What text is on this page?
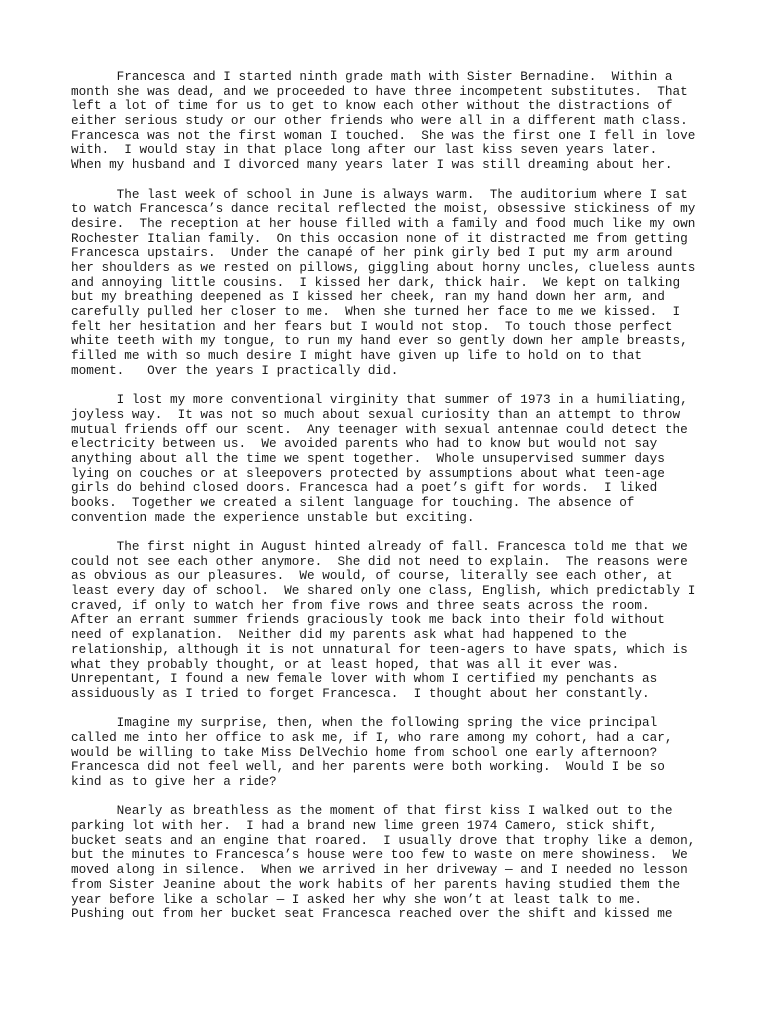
Francesca and I started ninth grade math with Sister Bernadine.  Within a
month she was dead, and we proceeded to have three incompetent substitutes.  That
left a lot of time for us to get to know each other without the distractions of
either serious study or our other friends who were all in a different math class.
Francesca was not the first woman I touched.  She was the first one I fell in love
with.  I would stay in that place long after our last kiss seven years later.
When my husband and I divorced many years later I was still dreaming about her.
The last week of school in June is always warm.  The auditorium where I sat
to watch Francesca’s dance recital reflected the moist, obsessive stickiness of my
desire.  The reception at her house filled with a family and food much like my own
Rochester Italian family.  On this occasion none of it distracted me from getting
Francesca upstairs.  Under the canapé of her pink girly bed I put my arm around
her shoulders as we rested on pillows, giggling about horny uncles, clueless aunts
and annoying little cousins.  I kissed her dark, thick hair.  We kept on talking
but my breathing deepened as I kissed her cheek, ran my hand down her arm, and
carefully pulled her closer to me.  When she turned her face to me we kissed.  I
felt her hesitation and her fears but I would not stop.  To touch those perfect
white teeth with my tongue, to run my hand ever so gently down her ample breasts,
filled me with so much desire I might have given up life to hold on to that
moment.   Over the years I practically did.
I lost my more conventional virginity that summer of 1973 in a humiliating,
joyless way.  It was not so much about sexual curiosity than an attempt to throw
mutual friends off our scent.  Any teenager with sexual antennae could detect the
electricity between us.  We avoided parents who had to know but would not say
anything about all the time we spent together.  Whole unsupervised summer days
lying on couches or at sleepovers protected by assumptions about what teen-age
girls do behind closed doors. Francesca had a poet’s gift for words.  I liked
books.  Together we created a silent language for touching. The absence of
convention made the experience unstable but exciting.
The first night in August hinted already of fall. Francesca told me that we
could not see each other anymore.  She did not need to explain.  The reasons were
as obvious as our pleasures.  We would, of course, literally see each other, at
least every day of school.  We shared only one class, English, which predictably I
craved, if only to watch her from five rows and three seats across the room.
After an errant summer friends graciously took me back into their fold without
need of explanation.  Neither did my parents ask what had happened to the
relationship, although it is not unnatural for teen-agers to have spats, which is
what they probably thought, or at least hoped, that was all it ever was.
Unrepentant, I found a new female lover with whom I certified my penchants as
assiduously as I tried to forget Francesca.  I thought about her constantly.
Imagine my surprise, then, when the following spring the vice principal
called me into her office to ask me, if I, who rare among my cohort, had a car,
would be willing to take Miss DelVechio home from school one early afternoon?
Francesca did not feel well, and her parents were both working.  Would I be so
kind as to give her a ride?
Nearly as breathless as the moment of that first kiss I walked out to the
parking lot with her.  I had a brand new lime green 1974 Camero, stick shift,
bucket seats and an engine that roared.  I usually drove that trophy like a demon,
but the minutes to Francesca’s house were too few to waste on mere showiness.  We
moved along in silence.  When we arrived in her driveway — and I needed no lesson
from Sister Jeanine about the work habits of her parents having studied them the
year before like a scholar — I asked her why she won’t at least talk to me.
Pushing out from her bucket seat Francesca reached over the shift and kissed me
